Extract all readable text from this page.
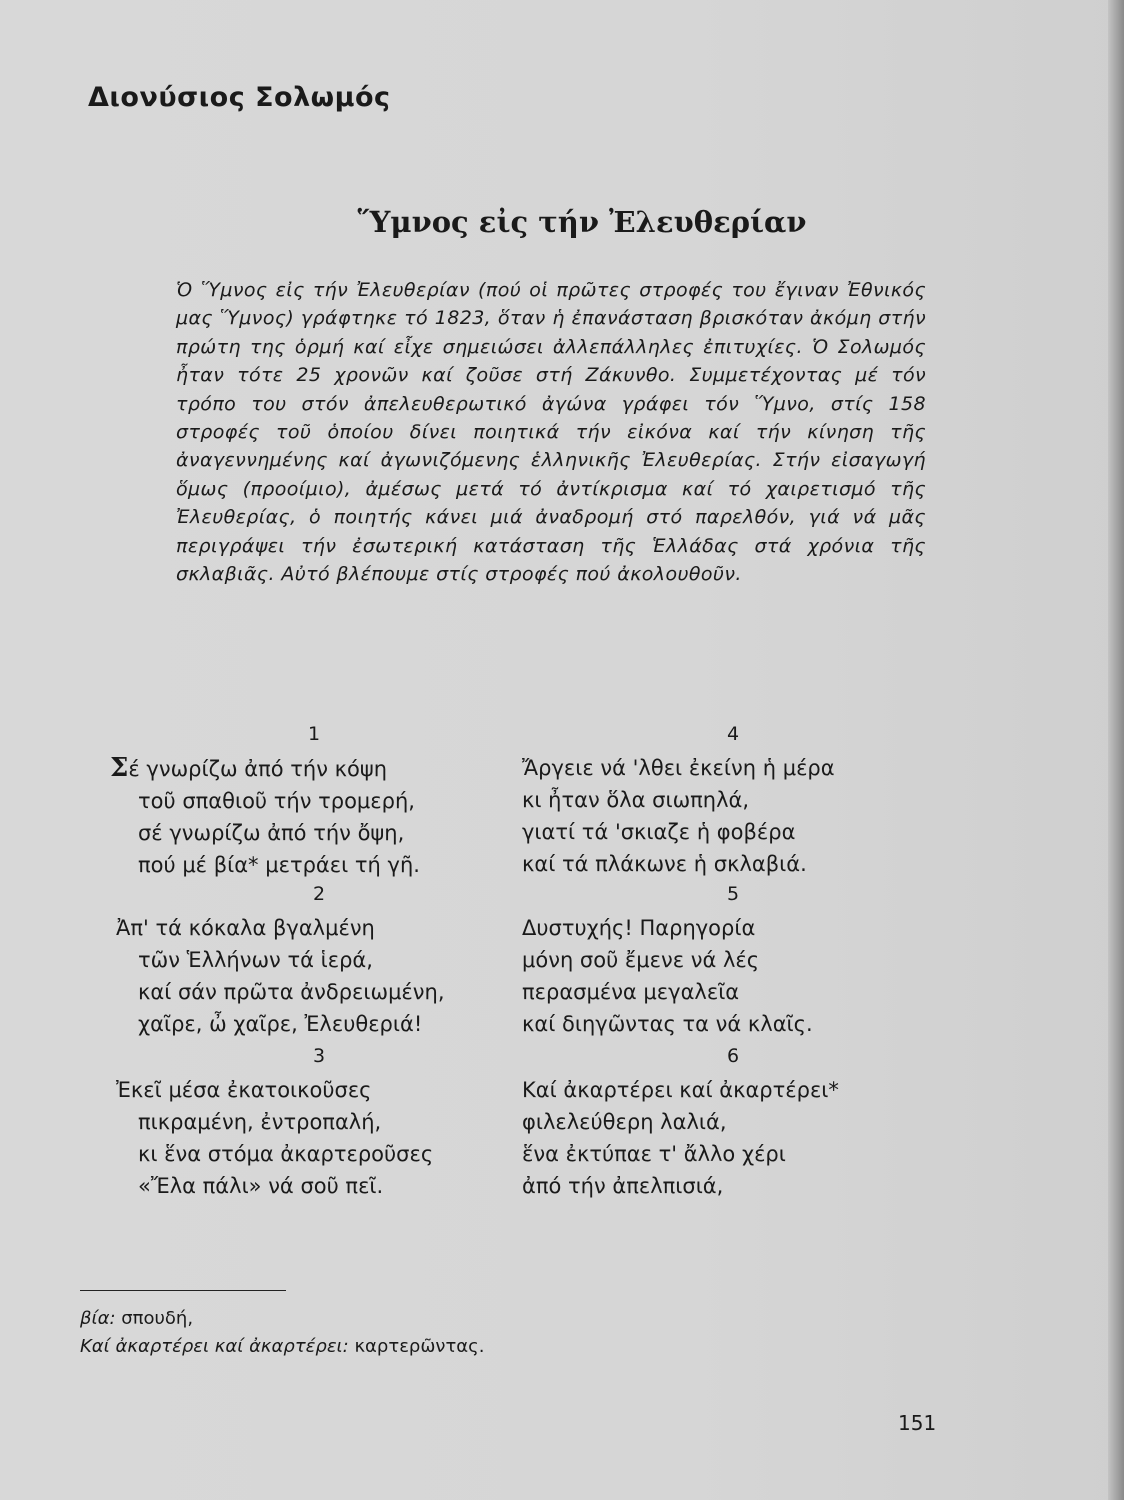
Διονύσιος Σολωμός
Ὕμνος εἰς τήν Ἐλευθερίαν
Ὁ Ὕμνος εἰς τήν Ἐλευθερίαν (πού οἱ πρῶτες στροφές του ἔγιναν Ἐθνικός μας Ὕμνος) γράφτηκε τό 1823, ὅταν ἡ ἐπανάσταση βρισκόταν ἀκόμη στήν πρώτη της ὁρμή καί εἶχε σημειώσει ἀλλεπάλληλες ἐπιτυχίες. Ὁ Σολωμός ἦταν τότε 25 χρονῶν καί ζοῦσε στή Ζάκυνθο. Συμμετέχοντας μέ τόν τρόπο του στόν ἀπελευθερωτικό ἀγώνα γράφει τόν Ὕμνο, στίς 158 στροφές τοῦ ὁποίου δίνει ποιητικά τήν εἰκόνα καί τήν κίνηση τῆς ἀναγεννημένης καί ἀγωνιζόμενης ἑλληνικῆς Ἐλευθερίας. Στήν εἰσαγωγή ὅμως (προοίμιο), ἀμέσως μετά τό ἀντίκρισμα καί τό χαιρετισμό τῆς Ἐλευθερίας, ὁ ποιητής κάνει μιά ἀναδρομή στό παρελθόν, γιά νά μᾶς περιγράψει τήν ἐσωτερική κατάσταση τῆς Ἑλλάδας στά χρόνια τῆς σκλαβιᾶς. Αὐτό βλέπουμε στίς στροφές πού ἀκολουθοῦν.
1
Σέ γνωρίζω ἀπό τήν κόψη
τοῦ σπαθιοῦ τήν τρομερή,
σέ γνωρίζω ἀπό τήν ὄψη,
πού μέ βία* μετράει τή γῆ.
2
Ἀπ' τά κόκαλα βγαλμένη
τῶν Ἑλλήνων τά ἱερά,
καί σάν πρῶτα ἀνδρειωμένη,
χαῖρε, ὦ χαῖρε, Ἐλευθεριά!
3
Ἐκεῖ μέσα ἐκατοικοῦσες
πικραμένη, ἐντροπαλή,
κι ἕνα στόμα ἀκαρτεροῦσες
«Ἔλα πάλι» νά σοῦ πεῖ.
4
Ἄργειε νά 'λθει ἐκείνη ἡ μέρα
κι ἦταν ὅλα σιωπηλά,
γιατί τά 'σκιαζε ἡ φοβέρα
καί τά πλάκωνε ἡ σκλαβιά.
5
Δυστυχής! Παρηγορία
μόνη σοῦ ἔμενε νά λές
περασμένα μεγαλεῖα
καί διηγῶντας τα νά κλαῖς.
6
Καί ἀκαρτέρει καί ἀκαρτέρει*
φιλελεύθερη λαλιά,
ἕνα ἐκτύπαε τ' ἄλλο χέρι
ἀπό τήν ἀπελπισιά,
βία: σπουδή,
Καί ἀκαρτέρει καί ἀκαρτέρει: καρτερῶντας.
151
